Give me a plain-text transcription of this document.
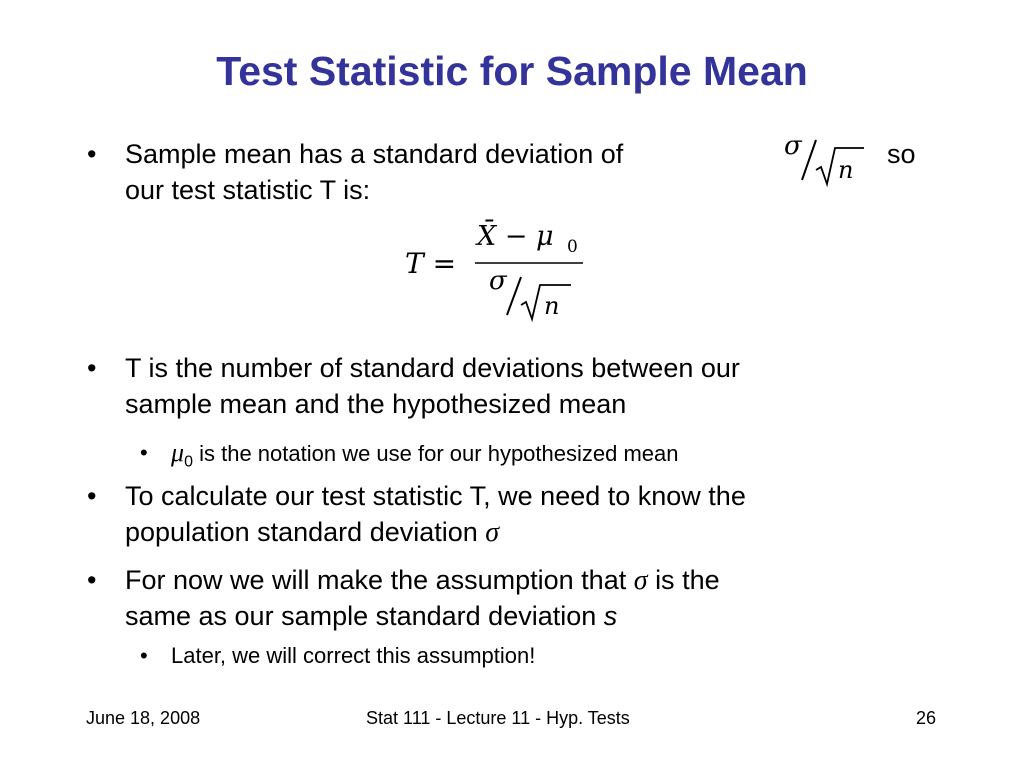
Test Statistic for Sample Mean
• Sample mean has a standard deviation of	so
our test statistic T is:
σ
n
T =
X̄ − μ 0
σ
n
• T is the number of standard deviations between our
sample mean and the hypothesized mean
• $\mu_0$ is the notation we use for our hypothesized mean
• To calculate our test statistic T, we need to know the
population standard deviation σ
• For now we will make the assumption that σ is the
same as our sample standard deviation s
• Later, we will correct this assumption!
June 18, 2008	Stat 111 - Lecture 11 - Hyp. Tests	26
